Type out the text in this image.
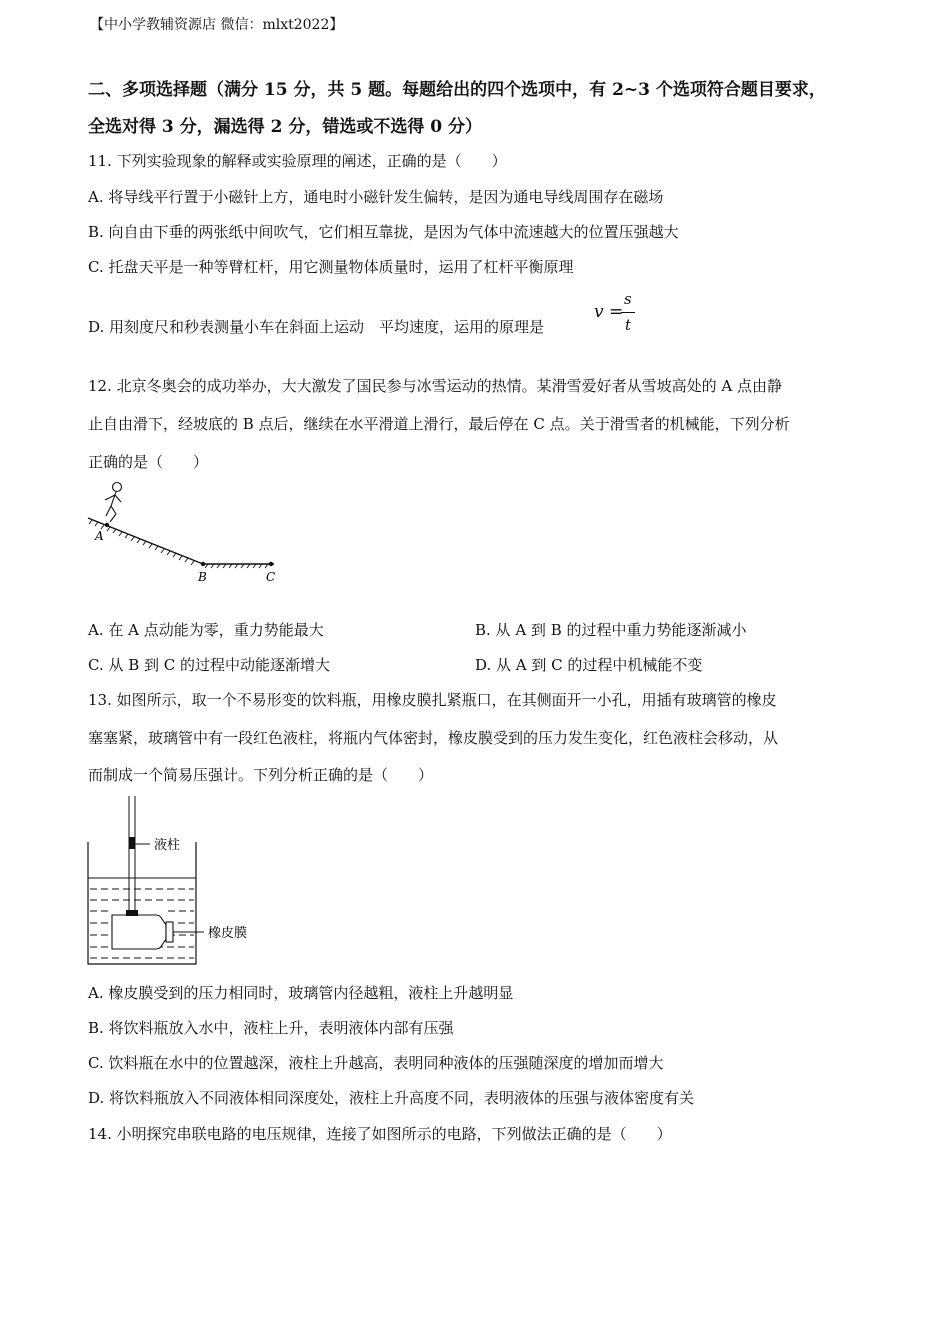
【中小学教辅资源店 微信：mlxt2022】
二、多项选择题（满分 15 分，共 5 题。每题给出的四个选项中，有 2~3 个选项符合题目要求，
全选对得 3 分，漏选得 2 分，错选或不选得 0 分）
11. 下列实验现象的解释或实验原理的阐述，正确的是（　　）
A. 将导线平行置于小磁针上方，通电时小磁针发生偏转，是因为通电导线周围存在磁场
B. 向自由下垂的两张纸中间吹气，它们相互靠拢，是因为气体中流速越大的位置压强越大
C. 托盘天平是一种等臂杠杆，用它测量物体质量时，运用了杠杆平衡原理
D. 用刻度尺和秒表测量小车在斜面上运动　平均速度，运用的原理是
v =
s
t
12. 北京冬奥会的成功举办，大大激发了国民参与冰雪运动的热情。某滑雪爱好者从雪坡高处的 A 点由静
止自由滑下，经坡底的 B 点后，继续在水平滑道上滑行，最后停在 C 点。关于滑雪者的机械能，下列分析
正确的是（　　）
A
B	C
A. 在 A 点动能为零，重力势能最大	B. 从 A 到 B 的过程中重力势能逐渐减小
C. 从 B 到 C 的过程中动能逐渐增大	D. 从 A 到 C 的过程中机械能不变
13. 如图所示，取一个不易形变的饮料瓶，用橡皮膜扎紧瓶口，在其侧面开一小孔，用插有玻璃管的橡皮
塞塞紧，玻璃管中有一段红色液柱，将瓶内气体密封，橡皮膜受到的压力发生变化，红色液柱会移动，从
而制成一个简易压强计。下列分析正确的是（　　）
液柱
橡皮膜
A. 橡皮膜受到的压力相同时，玻璃管内径越粗，液柱上升越明显
B. 将饮料瓶放入水中，液柱上升，表明液体内部有压强
C. 饮料瓶在水中的位置越深，液柱上升越高，表明同种液体的压强随深度的增加而增大
D. 将饮料瓶放入不同液体相同深度处，液柱上升高度不同，表明液体的压强与液体密度有关
14. 小明探究串联电路的电压规律，连接了如图所示的电路，下列做法正确的是（　　）
